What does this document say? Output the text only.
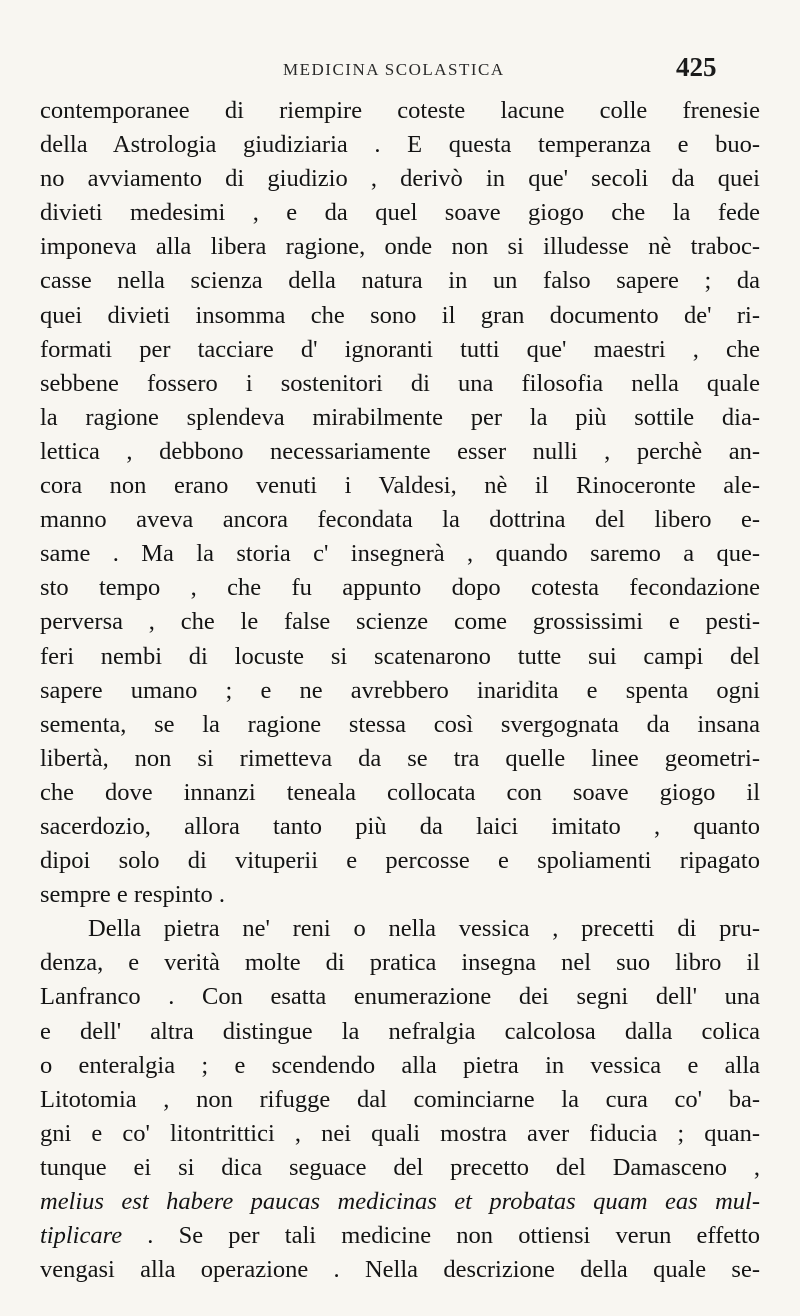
MEDICINA SCOLASTICA	425
contemporanee di riempire coteste lacune colle frenesie
della Astrologia giudiziaria . E questa temperanza e buo-
no avviamento di giudizio , derivò in que' secoli da quei
divieti medesimi , e da quel soave giogo che la fede
imponeva alla libera ragione, onde non si illudesse nè traboc-
casse nella scienza della natura in un falso sapere ; da
quei divieti insomma che sono il gran documento de' ri-
formati per tacciare d' ignoranti tutti que' maestri , che
sebbene fossero i sostenitori di una filosofia nella quale
la ragione splendeva mirabilmente per la più sottile dia-
lettica , debbono necessariamente esser nulli , perchè an-
cora non erano venuti i Valdesi, nè il Rinoceronte ale-
manno aveva ancora fecondata la dottrina del libero e-
same . Ma la storia c' insegnerà , quando saremo a que-
sto tempo , che fu appunto dopo cotesta fecondazione
perversa , che le false scienze come grossissimi e pesti-
feri nembi di locuste si scatenarono tutte sui campi del
sapere umano ; e ne avrebbero inaridita e spenta ogni
sementa, se la ragione stessa così svergognata da insana
libertà, non si rimetteva da se tra quelle linee geometri-
che dove innanzi teneala collocata con soave giogo il
sacerdozio, allora tanto più da laici imitato , quanto
dipoi solo di vituperii e percosse e spoliamenti ripagato
sempre e respinto .
Della pietra ne' reni o nella vessica , precetti di pru-
denza, e verità molte di pratica insegna nel suo libro il
Lanfranco . Con esatta enumerazione dei segni dell' una
e dell' altra distingue la nefralgia calcolosa dalla colica
o enteralgia ; e scendendo alla pietra in vessica e alla
Litotomia , non rifugge dal cominciarne la cura co' ba-
gni e co' litontrittici , nei quali mostra aver fiducia ; quan-
tunque ei si dica seguace del precetto del Damasceno ,
melius est habere paucas medicinas et probatas quam eas mul-
tiplicare . Se per tali medicine non ottiensi verun effetto
vengasi alla operazione . Nella descrizione della quale se-
